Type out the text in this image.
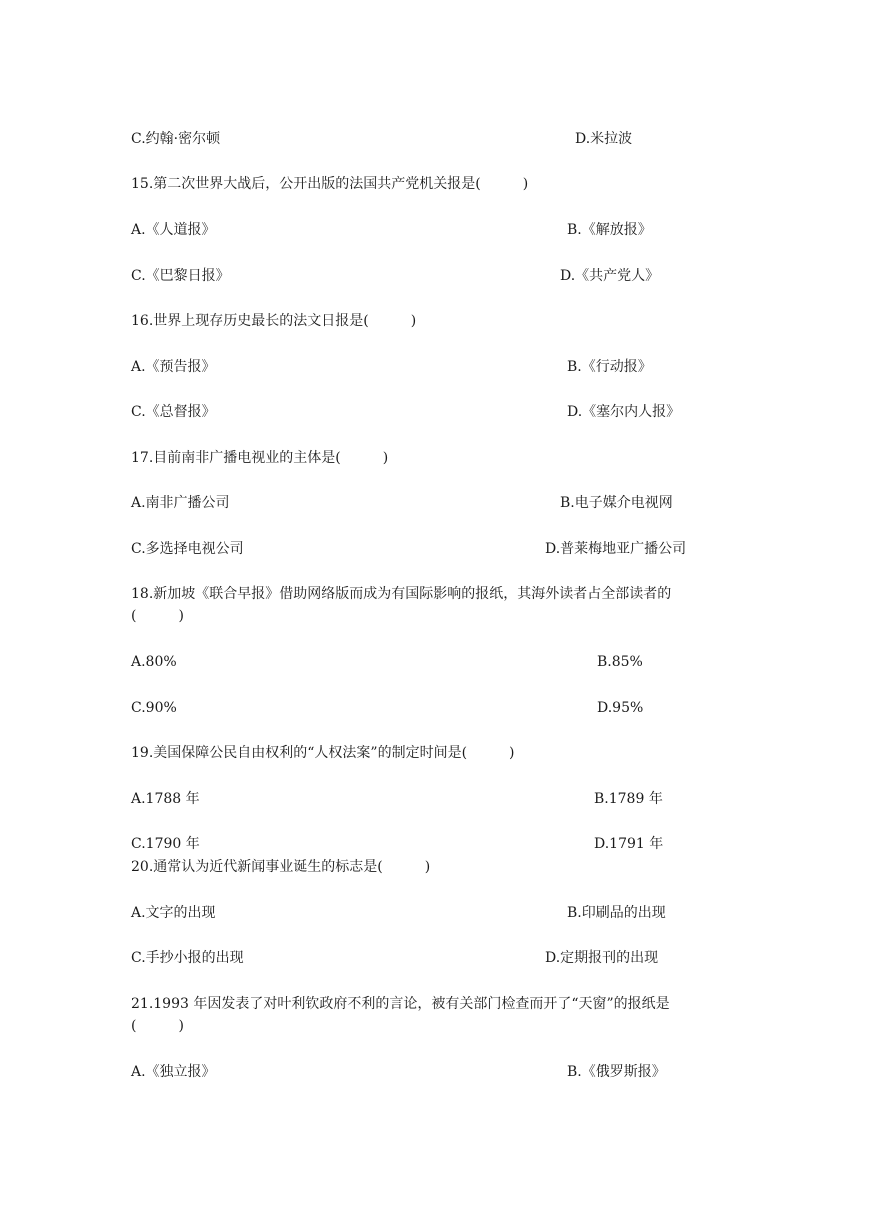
C.约翰·密尔顿	D.米拉波

15.第二次世界大战后，公开出版的法国共产党机关报是(　　　)

A.《人道报》	B.《解放报》

C.《巴黎日报》	D.《共产党人》

16.世界上现存历史最长的法文日报是(　　　)

A.《预告报》	B.《行动报》

C.《总督报》	D.《塞尔内人报》

17.目前南非广播电视业的主体是(　　　)

A.南非广播公司	B.电子媒介电视网

C.多选择电视公司	D.普莱梅地亚广播公司

18.新加坡《联合早报》借助网络版而成为有国际影响的报纸，其海外读者占全部读者的

(　　　)

A.80%	B.85%

C.90%	D.95%

19.美国保障公民自由权利的“人权法案”的制定时间是(　　　)

A.1788 年	B.1789 年

C.1790 年	D.1791 年

20.通常认为近代新闻事业诞生的标志是(　　　)

A.文字的出现	B.印刷品的出现

C.手抄小报的出现	D.定期报刊的出现

21.1993 年因发表了对叶利钦政府不利的言论，被有关部门检查而开了“天窗”的报纸是

(　　　)

A.《独立报》	B.《俄罗斯报》
